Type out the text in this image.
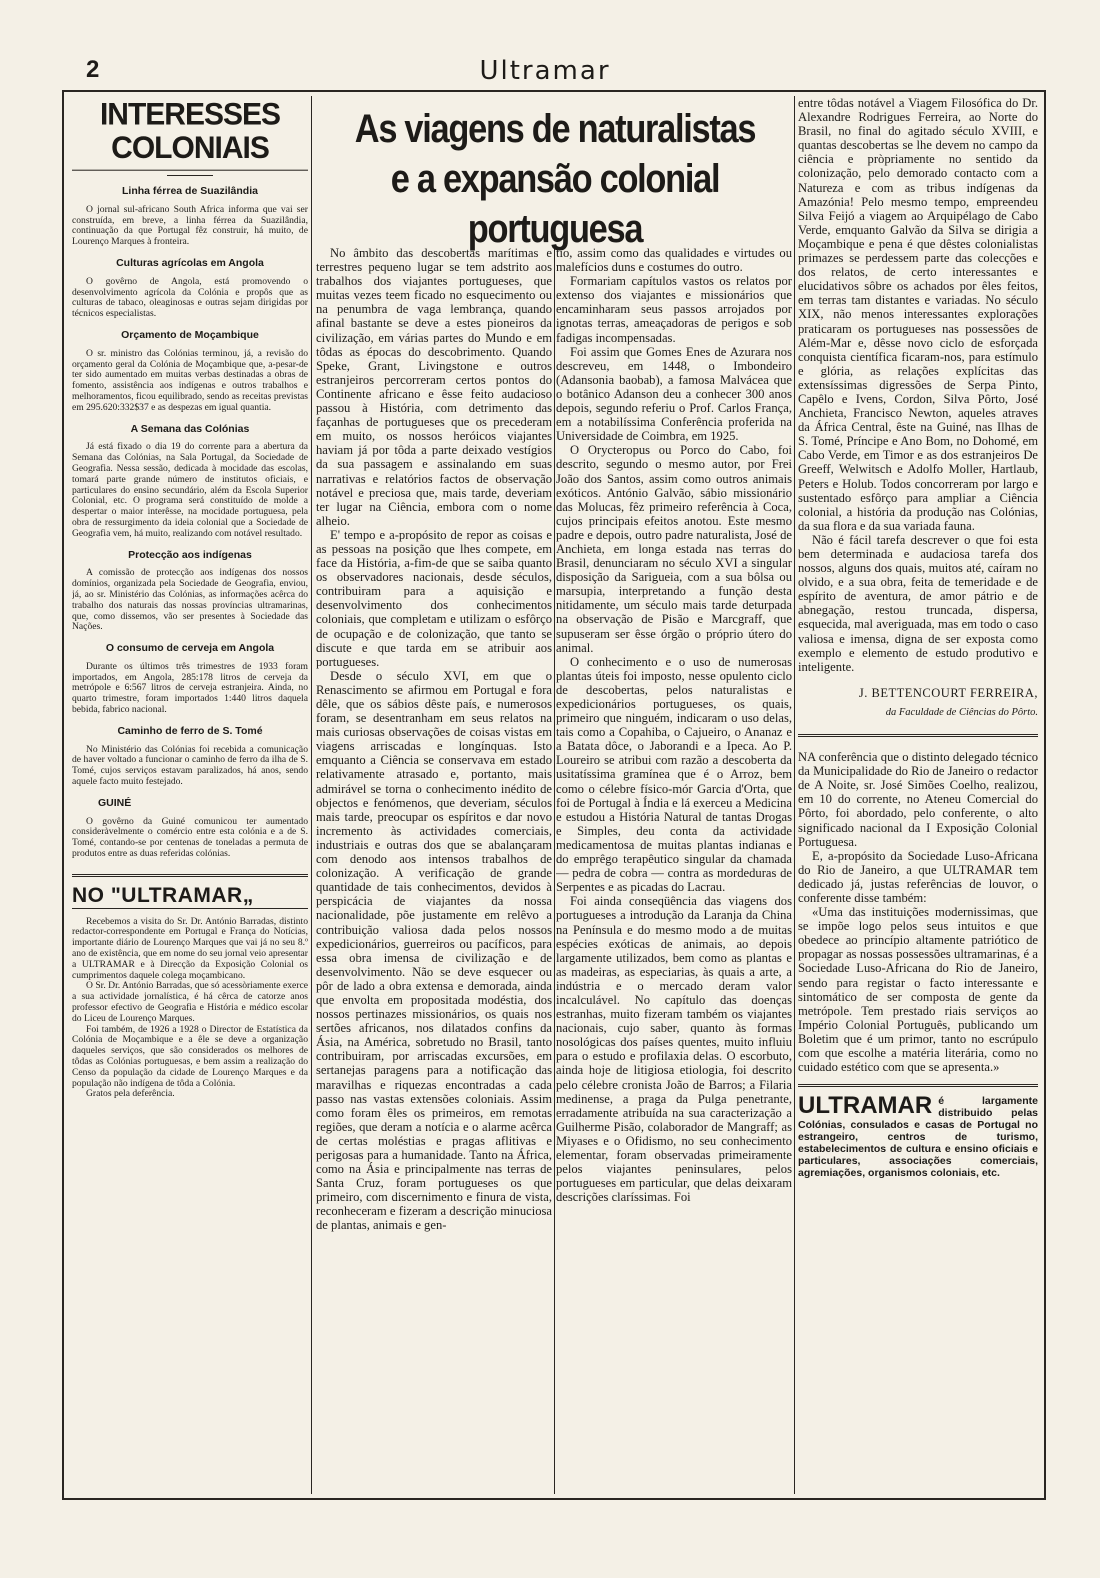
2	Ultramar
INTERESSES COLONIAIS
Linha férrea de Suazilândia

O jornal sul-africano South Africa informa que vai ser construída, em breve, a linha férrea da Suazilândia, continuação da que Portugal fêz construir, há muito, de Lourenço Marques à fronteira.

Culturas agrícolas em Angola

O govêrno de Angola, está promovendo o desenvolvimento agrícola da Colónia e propôs que as culturas de tabaco, oleaginosas e outras sejam dirigidas por técnicos especialistas.

Orçamento de Moçambique

O sr. ministro das Colónias terminou, já, a revisão do orçamento geral da Colónia de Moçambique que, a-pesar-de ter sido aumentado em muitas verbas destinadas a obras de fomento, assistência aos indígenas e outros trabalhos e melhoramentos, ficou equilibrado, sendo as receitas previstas em 295.620:332$37 e as despezas em igual quantia.

A Semana das Colónias

Já está fixado o dia 19 do corrente para a abertura da Semana das Colónias, na Sala Portugal, da Sociedade de Geografia. Nessa sessão, dedicada à mocidade das escolas, tomará parte grande número de institutos oficiais, e particulares do ensino secundário, além da Escola Superior Colonial, etc. O programa será constituído de molde a despertar o maior interêsse, na mocidade portuguesa, pela obra de ressurgimento da ideia colonial que a Sociedade de Geografia vem, há muito, realizando com notável resultado.

Protecção aos indígenas

A comissão de protecção aos indígenas dos nossos domínios, organizada pela Sociedade de Geografia, enviou, já, ao sr. Ministério das Colónias, as informações acêrca do trabalho dos naturais das nossas províncias ultramarinas, que, como dissemos, vão ser presentes à Sociedade das Nações.

O consumo de cerveja em Angola

Durante os últimos três trimestres de 1933 foram importados, em Angola, 285:178 litros de cerveja da metrópole e 6:567 litros de cerveja estranjeira. Ainda, no quarto trimestre, foram importados 1:440 litros daquela bebida, fabrico nacional.

Caminho de ferro de S. Tomé

No Ministério das Colónias foi recebida a comunicação de haver voltado a funcionar o caminho de ferro da ilha de S. Tomé, cujos serviços estavam paralizados, há anos, sendo aquele facto muito festejado.

GUINÉ

O govêrno da Guiné comunicou ter aumentado consideràvelmente o comércio entre esta colónia e a de S. Tomé, contando-se por centenas de toneladas a permuta de produtos entre as duas referidas colónias.

NO "ULTRAMAR„

Recebemos a visita do Sr. Dr. António Barradas, distinto redactor-correspondente em Portugal e França do Notícias, importante diário de Lourenço Marques que vai já no seu 8.º ano de existência, que em nome do seu jornal veio apresentar a ULTRAMAR e à Direcção da Exposição Colonial os cumprimentos daquele colega moçambicano.

O Sr. Dr. António Barradas, que só acessòriamente exerce a sua actividade jornalística, é há cêrca de catorze anos professor efectivo de Geografia e História e médico escolar do Liceu de Lourenço Marques.

Foi também, de 1926 a 1928 o Director de Estatística da Colónia de Moçambique e a êle se deve a organização daqueles serviços, que são considerados os melhores de tôdas as Colónias portuguesas, e bem assim a realização do Censo da população da cidade de Lourenço Marques e da população não indígena de tôda a Colónia.

Gratos pela deferência.

As viagens de naturalistas e a expansão colonial portuguesa

No âmbito das descobertas marítimas e terrestres pequeno lugar se tem adstrito aos trabalhos dos viajantes portugueses, que muitas vezes teem ficado no esquecimento ou na penumbra de vaga lembrança, quando afinal bastante se deve a estes pioneiros da civilização, em várias partes do Mundo e em tôdas as épocas do descobrimento. Quando Speke, Grant, Livingstone e outros estranjeiros percorreram certos pontos do Continente africano e êsse feito audacioso passou à História, com detrimento das façanhas de portugueses que os precederam em muito, os nossos heróicos viajantes haviam já por tôda a parte deixado vestígios da sua passagem e assinalando em suas narrativas e relatórios factos de observação notável e preciosa que, mais tarde, deveriam ter lugar na Ciência, embora com o nome alheio.

E' tempo e a-propósito de repor as coisas e as pessoas na posição que lhes compete, em face da História, a-fim-de que se saiba quanto os observadores nacionais, desde séculos, contribuiram para a aquisição e desenvolvimento dos conhecimentos coloniais, que completam e utilizam o esfôrço de ocupação e de colonização, que tanto se discute e que tarda em se atribuir aos portugueses.

Desde o século XVI, em que o Renascimento se afirmou em Portugal e fora dêle, que os sábios dêste país, e numerosos foram, se desentranham em seus relatos na mais curiosas observações de coisas vistas em viagens arriscadas e longínquas. Isto emquanto a Ciência se conservava em estado relativamente atrasado e, portanto, mais admirável se torna o conhecimento inédito de objectos e fenómenos, que deveriam, séculos mais tarde, preocupar os espíritos e dar novo incremento às actividades comerciais, industriais e outras dos que se abalançaram com denodo aos intensos trabalhos de colonização. A verificação de grande quantidade de tais conhecimentos, devidos à perspicácia de viajantes da nossa nacionalidade, põe justamente em relêvo a contribuição valiosa dada pelos nossos expedicionários, guerreiros ou pacíficos, para essa obra imensa de civilização e de desenvolvimento. Não se deve esquecer ou pôr de lado a obra extensa e demorada, ainda que envolta em propositada modéstia, dos nossos pertinazes missionários, os quais nos sertões africanos, nos dilatados confins da Ásia, na América, sobretudo no Brasil, tanto contribuiram, por arriscadas excursões, em sertanejas paragens para a notificação das maravilhas e riquezas encontradas a cada passo nas vastas extensões coloniais. Assim como foram êles os primeiros, em remotas regiões, que deram a notícia e o alarme acêrca de certas moléstias e pragas aflitivas e perigosas para a humanidade. Tanto na África, como na Ásia e principalmente nas terras de Santa Cruz, foram portugueses os que primeiro, com discernimento e finura de vista, reconheceram e fizeram a descrição minuciosa de plantas, animais e gen-

tio, assim como das qualidades e virtudes ou malefícios duns e costumes do outro.

Formariam capítulos vastos os relatos por extenso dos viajantes e missionários que encaminharam seus passos arrojados por ignotas terras, ameaçadoras de perigos e sob fadigas incompensadas.

Foi assim que Gomes Enes de Azurara nos descreveu, em 1448, o Imbondeiro (Adansonia baobab), a famosa Malvácea que o botânico Adanson deu a conhecer 300 anos depois, segundo referiu o Prof. Carlos França, em a notabilíssima Conferência proferida na Universidade de Coimbra, em 1925.

O Orycteropus ou Porco do Cabo, foi descrito, segundo o mesmo autor, por Frei João dos Santos, assim como outros animais exóticos. António Galvão, sábio missionário das Molucas, fêz primeiro referência à Coca, cujos principais efeitos anotou. Este mesmo padre e depois, outro padre naturalista, José de Anchieta, em longa estada nas terras do Brasil, denunciaram no século XVI a singular disposição da Sarigueia, com a sua bôlsa ou marsupia, interpretando a função desta nitidamente, um século mais tarde deturpada na observação de Pisão e Marcgraff, que supuseram ser êsse órgão o próprio útero do animal.

O conhecimento e o uso de numerosas plantas úteis foi imposto, nesse opulento ciclo de descobertas, pelos naturalistas e expedicionários portugueses, os quais, primeiro que ninguém, indicaram o uso delas, tais como a Copahiba, o Cajueiro, o Ananaz e a Batata dôce, o Jaborandi e a Ipeca. Ao P. Loureiro se atribui com razão a descoberta da usitatíssima gramínea que é o Arroz, bem como o célebre físico-mór Garcia d'Orta, que foi de Portugal à Índia e lá exerceu a Medicina e estudou a História Natural de tantas Drogas e Simples, deu conta da actividade medicamentosa de muitas plantas indianas e do emprêgo terapêutico singular da chamada — pedra de cobra — contra as mordeduras de Serpentes e as picadas do Lacrau.

Foi ainda conseqüência das viagens dos portugueses a introdução da Laranja da China na Península e do mesmo modo a de muitas espécies exóticas de animais, ao depois largamente utilizados, bem como as plantas e as madeiras, as especiarias, às quais a arte, a indústria e o mercado deram valor incalculável. No capítulo das doenças estranhas, muito fizeram também os viajantes nacionais, cujo saber, quanto às formas nosológicas dos países quentes, muito influiu para o estudo e profilaxia delas. O escorbuto, ainda hoje de litigiosa etiologia, foi descrito pelo célebre cronista João de Barros; a Filaria medinense, a praga da Pulga penetrante, erradamente atribuída na sua caracterização a Guilherme Pisão, colaborador de Mangraff; as Miyases e o Ofidismo, no seu conhecimento elementar, foram observadas primeiramente pelos viajantes peninsulares, pelos portugueses em particular, que delas deixaram descrições claríssimas. Foi

entre tôdas notável a Viagem Filosófica do Dr. Alexandre Rodrigues Ferreira, ao Norte do Brasil, no final do agitado século XVIII, e quantas descobertas se lhe devem no campo da ciência e pròpriamente no sentido da colonização, pelo demorado contacto com a Natureza e com as tribus indígenas da Amazónia! Pelo mesmo tempo, empreendeu Silva Feijó a viagem ao Arquipélago de Cabo Verde, emquanto Galvão da Silva se dirigia a Moçambique e pena é que dêstes colonialistas primazes se perdessem parte das colecções e dos relatos, de certo interessantes e elucidativos sôbre os achados por êles feitos, em terras tam distantes e variadas. No século XIX, não menos interessantes explorações praticaram os portugueses nas possessões de Além-Mar e, dêsse novo ciclo de esforçada conquista científica ficaram-nos, para estímulo e glória, as relações explícitas das extensíssimas digressões de Serpa Pinto, Capêlo e Ivens, Cordon, Silva Pôrto, José Anchieta, Francisco Newton, aqueles atraves da África Central, êste na Guiné, nas Ilhas de S. Tomé, Príncipe e Ano Bom, no Dohomé, em Cabo Verde, em Timor e as dos estranjeiros De Greeff, Welwitsch e Adolfo Moller, Hartlaub, Peters e Holub. Todos concorreram por largo e sustentado esfôrço para ampliar a Ciência colonial, a história da produção nas Colónias, da sua flora e da sua variada fauna.

Não é fácil tarefa descrever o que foi esta bem determinada e audaciosa tarefa dos nossos, alguns dos quais, muitos até, caíram no olvido, e a sua obra, feita de temeridade e de espírito de aventura, de amor pátrio e de abnegação, restou truncada, dispersa, esquecida, mal averiguada, mas em todo o caso valiosa e imensa, digna de ser exposta como exemplo e elemento de estudo produtivo e inteligente.

J. BETTENCOURT FERREIRA,
da Faculdade de Ciências do Pôrto.

NA conferência que o distinto delegado técnico da Municipalidade do Rio de Janeiro o redactor de A Noite, sr. José Simões Coelho, realizou, em 10 do corrente, no Ateneu Comercial do Pôrto, foi abordado, pelo conferente, o alto significado nacional da I Exposição Colonial Portuguesa.

E, a-propósito da Sociedade Luso-Africana do Rio de Janeiro, a que ULTRAMAR tem dedicado já, justas referências de louvor, o conferente disse também:

«Uma das instituições modernissimas, que se impõe logo pelos seus intuitos e que obedece ao princípio altamente patriótico de propagar as nossas possessões ultramarinas, é a Sociedade Luso-Africana do Rio de Janeiro, sendo para registar o facto interessante e sintomático de ser composta de gente da metrópole. Tem prestado riais serviços ao Império Colonial Português, publicando um Boletim que é um primor, tanto no escrúpulo com que escolhe a matéria literária, como no cuidado estético com que se apresenta.»

ULTRAMAR é largamente distribuido pelas Colónias, consulados e casas de Portugal no estrangeiro, centros de turismo, estabelecimentos de cultura e ensino oficiais e particulares, associações comerciais, agremiações, organismos coloniais, etc.
